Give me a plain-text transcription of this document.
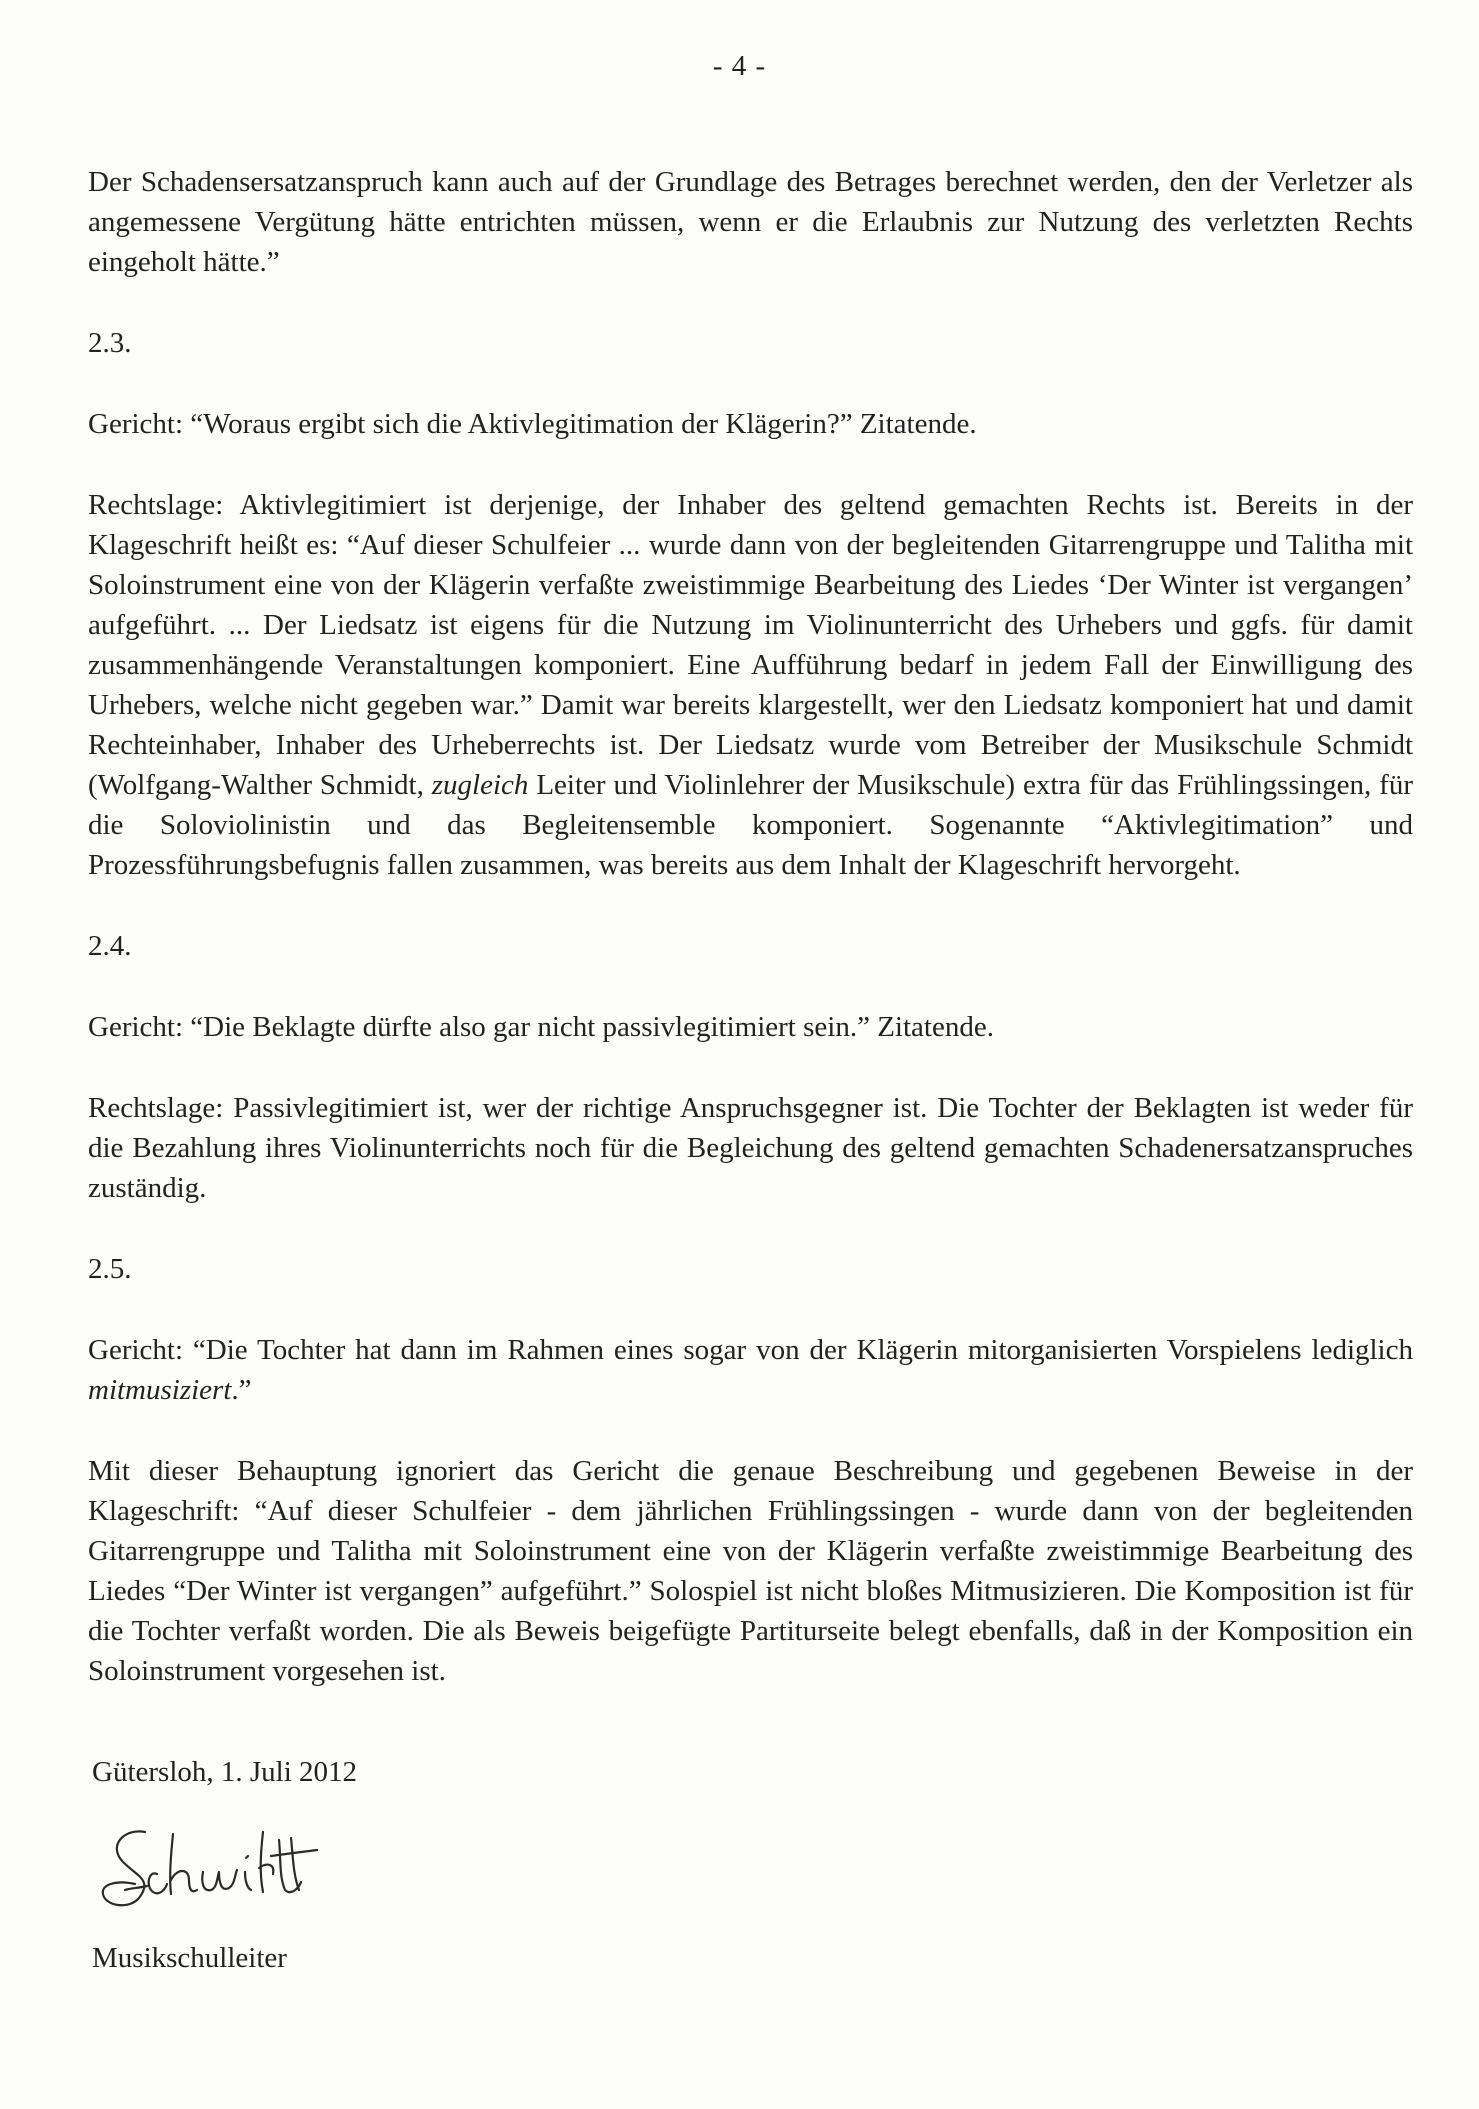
- 4 -

Der Schadensersatzanspruch kann auch auf der Grundlage des Betrages berechnet werden, den der Verletzer als angemessene Vergütung hätte entrichten müssen, wenn er die Erlaubnis zur Nutzung des verletzten Rechts eingeholt hätte.”

2.3.

Gericht: “Woraus ergibt sich die Aktivlegitimation der Klägerin?” Zitatende.

Rechtslage: Aktivlegitimiert ist derjenige, der Inhaber des geltend gemachten Rechts ist. Bereits in der Klageschrift heißt es: “Auf dieser Schulfeier ... wurde dann von der begleitenden Gitarrengruppe und Talitha mit Soloinstrument eine von der Klägerin verfaßte zweistimmige Bearbeitung des Liedes ‘Der Winter ist vergangen’ aufgeführt. ... Der Liedsatz ist eigens für die Nutzung im Violinunterricht des Urhebers und ggfs. für damit zusammenhängende Veranstaltungen komponiert. Eine Aufführung bedarf in jedem Fall der Einwilligung des Urhebers, welche nicht gegeben war.” Damit war bereits klargestellt, wer den Liedsatz komponiert hat und damit Rechteinhaber, Inhaber des Urheberrechts ist. Der Liedsatz wurde vom Betreiber der Musikschule Schmidt (Wolfgang-Walther Schmidt, zugleich Leiter und Violinlehrer der Musikschule) extra für das Frühlingssingen, für die Soloviolinistin und das Begleitensemble komponiert. Sogenannte “Aktivlegitimation” und Prozessführungsbefugnis fallen zusammen, was bereits aus dem Inhalt der Klageschrift hervorgeht.

2.4.

Gericht: “Die Beklagte dürfte also gar nicht passivlegitimiert sein.” Zitatende.

Rechtslage: Passivlegitimiert ist, wer der richtige Anspruchsgegner ist. Die Tochter der Beklagten ist weder für die Bezahlung ihres Violinunterrichts noch für die Begleichung des geltend gemachten Schadenersatzanspruches zuständig.

2.5.

Gericht: “Die Tochter hat dann im Rahmen eines sogar von der Klägerin mitorganisierten Vorspielens lediglich mitmusiziert.”

Mit dieser Behauptung ignoriert das Gericht die genaue Beschreibung und gegebenen Beweise in der Klageschrift: “Auf dieser Schulfeier - dem jährlichen Frühlingssingen - wurde dann von der begleitenden Gitarrengruppe und Talitha mit Soloinstrument eine von der Klägerin verfaßte zweistimmige Bearbeitung des Liedes “Der Winter ist vergangen” aufgeführt.” Solospiel ist nicht bloßes Mitmusizieren. Die Komposition ist für die Tochter verfaßt worden. Die als Beweis beigefügte Partiturseite belegt ebenfalls, daß in der Komposition ein Soloinstrument vorgesehen ist.

Gütersloh, 1. Juli 2012
Musikschulleiter
